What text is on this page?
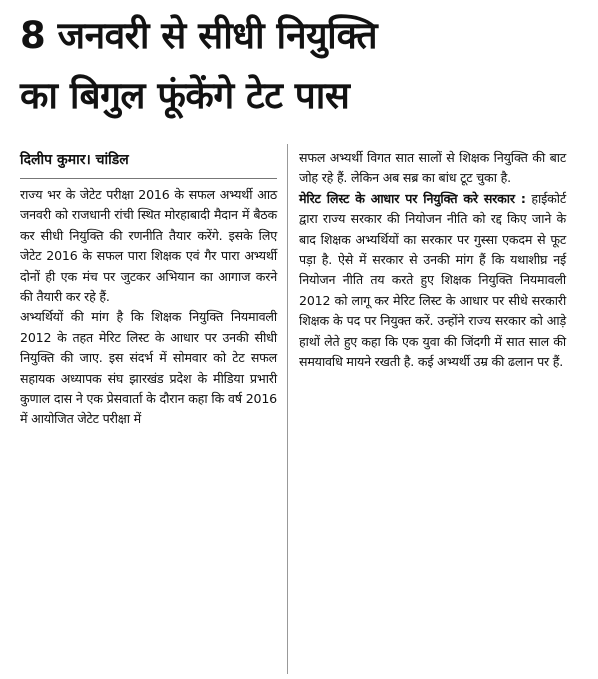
8 जनवरी से सीधी नियुक्ति
का बिगुल फूंकेंगे टेट पास
दिलीप कुमार। चांडिल

राज्य भर के जेटेट परीक्षा 2016 के सफल अभ्यर्थी आठ जनवरी को राजधानी रांची स्थित मोरहाबादी मैदान में बैठक कर सीधी नियुक्ति की रणनीति तैयार करेंगे. इसके लिए जेटेट 2016 के सफल पारा शिक्षक एवं गैर पारा अभ्यर्थी दोनों ही एक मंच पर जुटकर अभियान का आगाज करने की तैयारी कर रहे हैं.

अभ्यर्थियों की मांग है कि शिक्षक नियुक्ति नियमावली 2012 के तहत मेरिट लिस्ट के आधार पर उनकी सीधी नियुक्ति की जाए. इस संदर्भ में सोमवार को टेट सफल सहायक अध्यापक संघ झारखंड प्रदेश के मीडिया प्रभारी कुणाल दास ने एक प्रेसवार्ता के दौरान कहा कि वर्ष 2016 में आयोजित जेटेट परीक्षा में

सफल अभ्यर्थी विगत सात सालों से शिक्षक नियुक्ति की बाट जोह रहे हैं. लेकिन अब सब्र का बांध टूट चुका है.

मेरिट लिस्ट के आधार पर नियुक्ति करे सरकार : हाईकोर्ट द्वारा राज्य सरकार की नियोजन नीति को रद्द किए जाने के बाद शिक्षक अभ्यर्थियों का सरकार पर गुस्सा एकदम से फूट पड़ा है. ऐसे में सरकार से उनकी मांग हैं कि यथाशीघ्र नई नियोजन नीति तय करते हुए शिक्षक नियुक्ति नियमावली 2012 को लागू कर मेरिट लिस्ट के आधार पर सीधे सरकारी शिक्षक के पद पर नियुक्त करें. उन्होंने राज्य सरकार को आड़े हाथों लेते हुए कहा कि एक युवा की जिंदगी में सात साल की समयावधि मायने रखती है. कई अभ्यर्थी उम्र की ढलान पर हैं.
